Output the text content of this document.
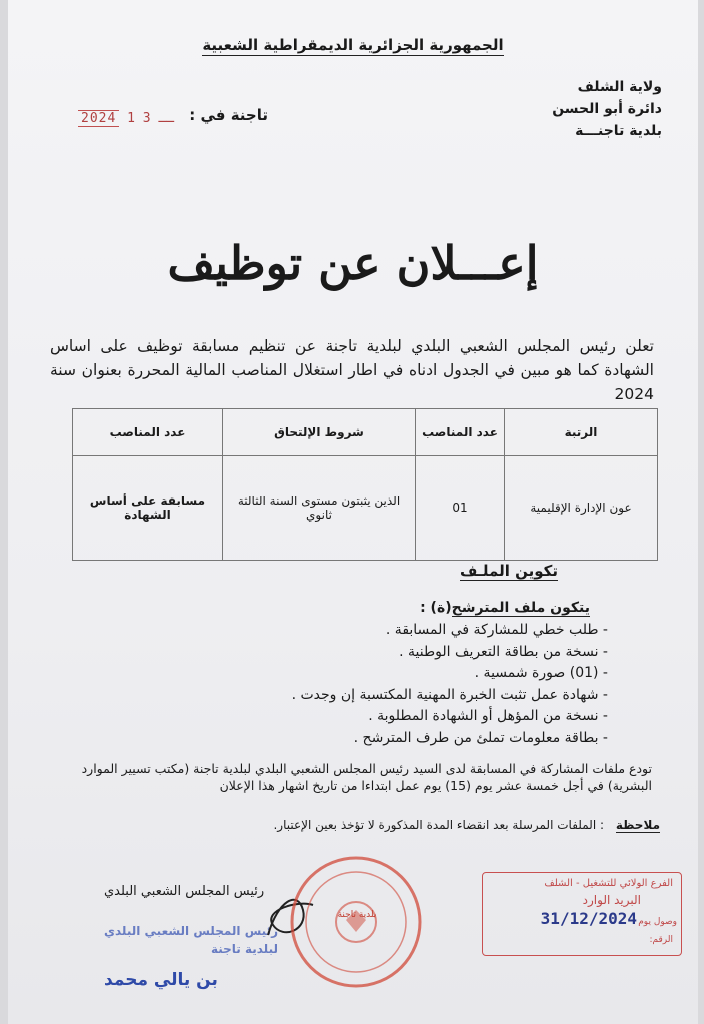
الجمهورية الجزائرية الديمقراطية الشعبية
ولاية الشلف
دائرة أبو الحسن
بلدية تاجنـــة
تاجنة في :
2024	ــ 3 1
إعـــلان عن توظيف
تعلن رئيس المجلس الشعبي البلدي لبلدية تاجنة عن تنظيم مسابقة توظيف على اساس الشهادة كما هو مبين في الجدول ادناه في اطار استغلال المناصب المالية المحررة بعنوان سنة 2024
الرتبة	عدد المناصب	شروط الإلتحاق	عدد المناصب
عون الإدارة الإقليمية	01	الذين يثبتون مستوى السنة الثالثة ثانوي	مسابقة على أساس الشهادة
تكوين الملـف
يتكون ملف المترشح(ة) :
- طلب خطي للمشاركة في المسابقة .
- نسخة من بطاقة التعريف الوطنية .
- (01) صورة شمسية .
- شهادة عمل تثبت الخبرة المهنية المكتسبة إن وجدت .
- نسخة من المؤهل أو الشهادة المطلوبة .
- بطاقة معلومات تملئ من طرف المترشح .
تودع ملفات المشاركة في المسابقة لدى السيد رئيس المجلس الشعبي البلدي لبلدية تاجنة (مكتب تسيير الموارد البشرية) في أجل خمسة عشر يوم (15) يوم عمل ابتداءا من تاريخ اشهار هذا الإعلان
ملاحظة : الملفات المرسلة بعد انقضاء المدة المذكورة لا تؤخذ بعين الإعتبار.
رئيس المجلس الشعبي البلدي
رئيس المجلس الشعبي البلدي
لبلدية تاجنة
بن يالي محمد
بلدية تاجنة
الفرع الولائي للتشغيل - الشلف
البريد الوارد
31/12/2024 وصول يوم
الرقم:
